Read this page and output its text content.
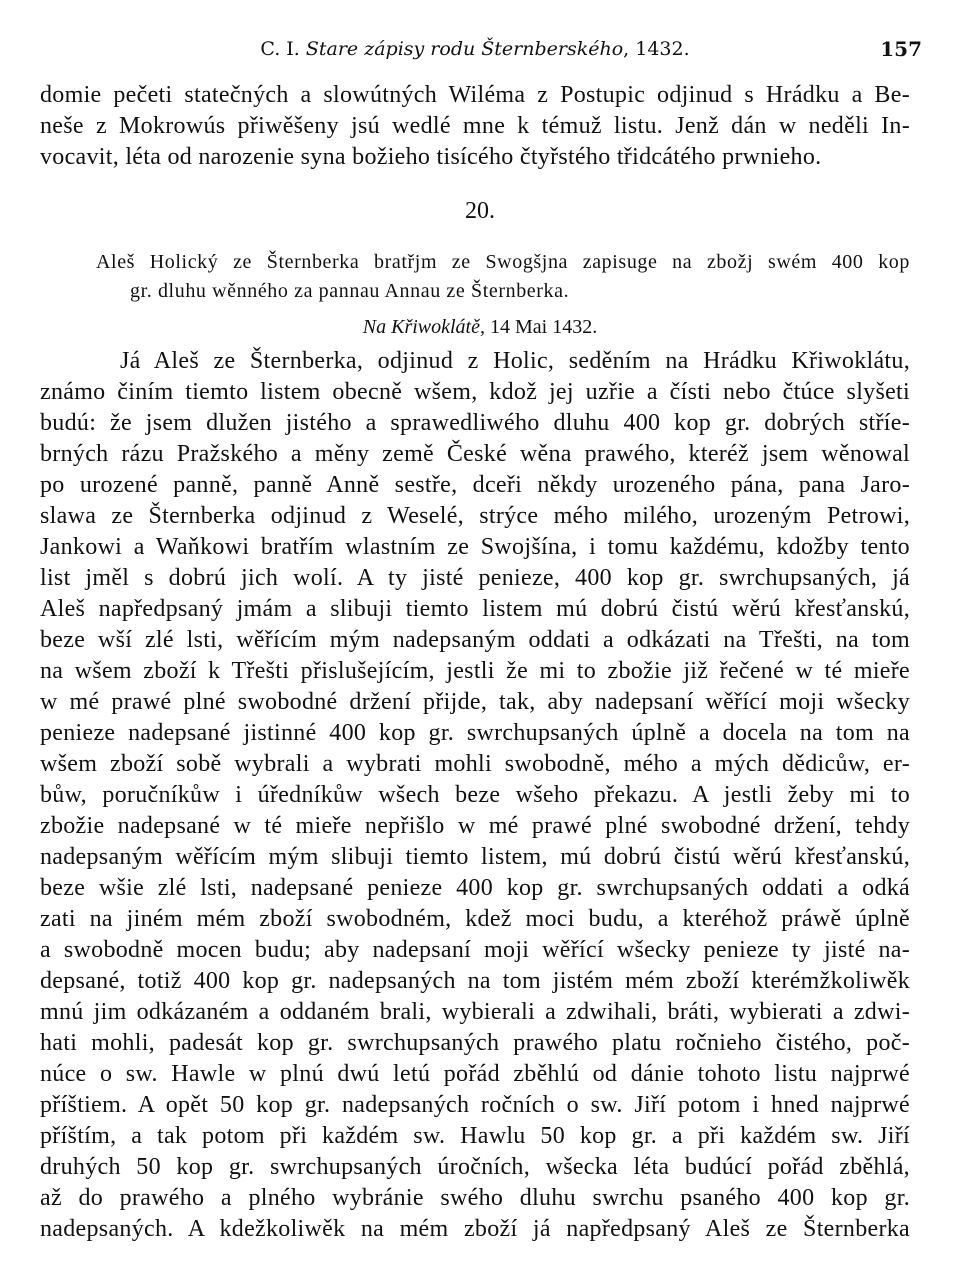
C. I. Stare zápisy rodu Šternberského, 1432.	157
domie pečeti statečných a slowútných Wiléma z Postupic odjinud s Hrádku a Be-
neše z Mokrowús přiwěšeny jsú wedlé mne k témuž listu. Jenž dán w neděli In-
vocavit, léta od narozenie syna božieho tisícého čtyřstého třidcátého prwnieho.
20.
Aleš Holický ze Šternberka bratřjm ze Swogšjna zapisuge na zbožj swém 400 kop
gr. dluhu wěnného za pannau Annau ze Šternberka.
Na Křiwoklátě, 14 Mai 1432.
Já Aleš ze Šternberka, odjinud z Holic, seděním na Hrádku Křiwoklátu,
známo činím tiemto listem obecně wšem, kdož jej uzřie a čísti nebo čtúce slyšeti
budú: že jsem dlužen jistého a sprawedliwého dluhu 400 kop gr. dobrých stříe-
brných rázu Pražského a měny země České wěna prawého, kteréž jsem wěnowal
po urozené panně, panně Anně sestře, dceři někdy urozeného pána, pana Jaro-
slawa ze Šternberka odjinud z Weselé, strýce mého milého, urozeným Petrowi,
Jankowi a Waňkowi bratřím wlastním ze Swojšína, i tomu každému, kdožby tento
list jměl s dobrú jich wolí. A ty jisté penieze, 400 kop gr. swrchupsaných, já
Aleš napředpsaný jmám a slibuji tiemto listem mú dobrú čistú wěrú křesťanskú,
beze wší zlé lsti, wěřícím mým nadepsaným oddati a odkázati na Třešti, na tom
na wšem zboží k Třešti přislušejícím, jestli že mi to zbožie již řečené w té mieře
w mé prawé plné swobodné držení přijde, tak, aby nadepsaní wěřící moji wšecky
penieze nadepsané jistinné 400 kop gr. swrchupsaných úplně a docela na tom na
wšem zboží sobě wybrali a wybrati mohli swobodně, mého a mých dědicůw, er-
bůw, poručníkůw i úředníkůw wšech beze wšeho překazu. A jestli žeby mi to
zbožie nadepsané w té mieře nepřišlo w mé prawé plné swobodné držení, tehdy
nadepsaným wěřícím mým slibuji tiemto listem, mú dobrú čistú wěrú křesťanskú,
beze wšie zlé lsti, nadepsané penieze 400 kop gr. swrchupsaných oddati a odká
zati na jiném mém zboží swobodném, kdež moci budu, a kteréhož práwě úplně
a swobodně mocen budu; aby nadepsaní moji wěřící wšecky penieze ty jisté na-
depsané, totiž 400 kop gr. nadepsaných na tom jistém mém zboží kterémžkoliwěk
mnú jim odkázaném a oddaném brali, wybierali a zdwihali, bráti, wybierati a zdwi-
hati mohli, padesát kop gr. swrchupsaných prawého platu ročnieho čistého, poč-
núce o sw. Hawle w plnú dwú letú pořád zběhlú od dánie tohoto listu najprwé
příštiem. A opět 50 kop gr. nadepsaných ročních o sw. Jiří potom i hned najprwé
příštím, a tak potom při každém sw. Hawlu 50 kop gr. a při každém sw. Jiří
druhých 50 kop gr. swrchupsaných úročních, wšecka léta budúcí pořád zběhlá,
až do prawého a plného wybránie swého dluhu swrchu psaného 400 kop gr.
nadepsaných. A kdežkoliwěk na mém zboží já napředpsaný Aleš ze Šternberka
